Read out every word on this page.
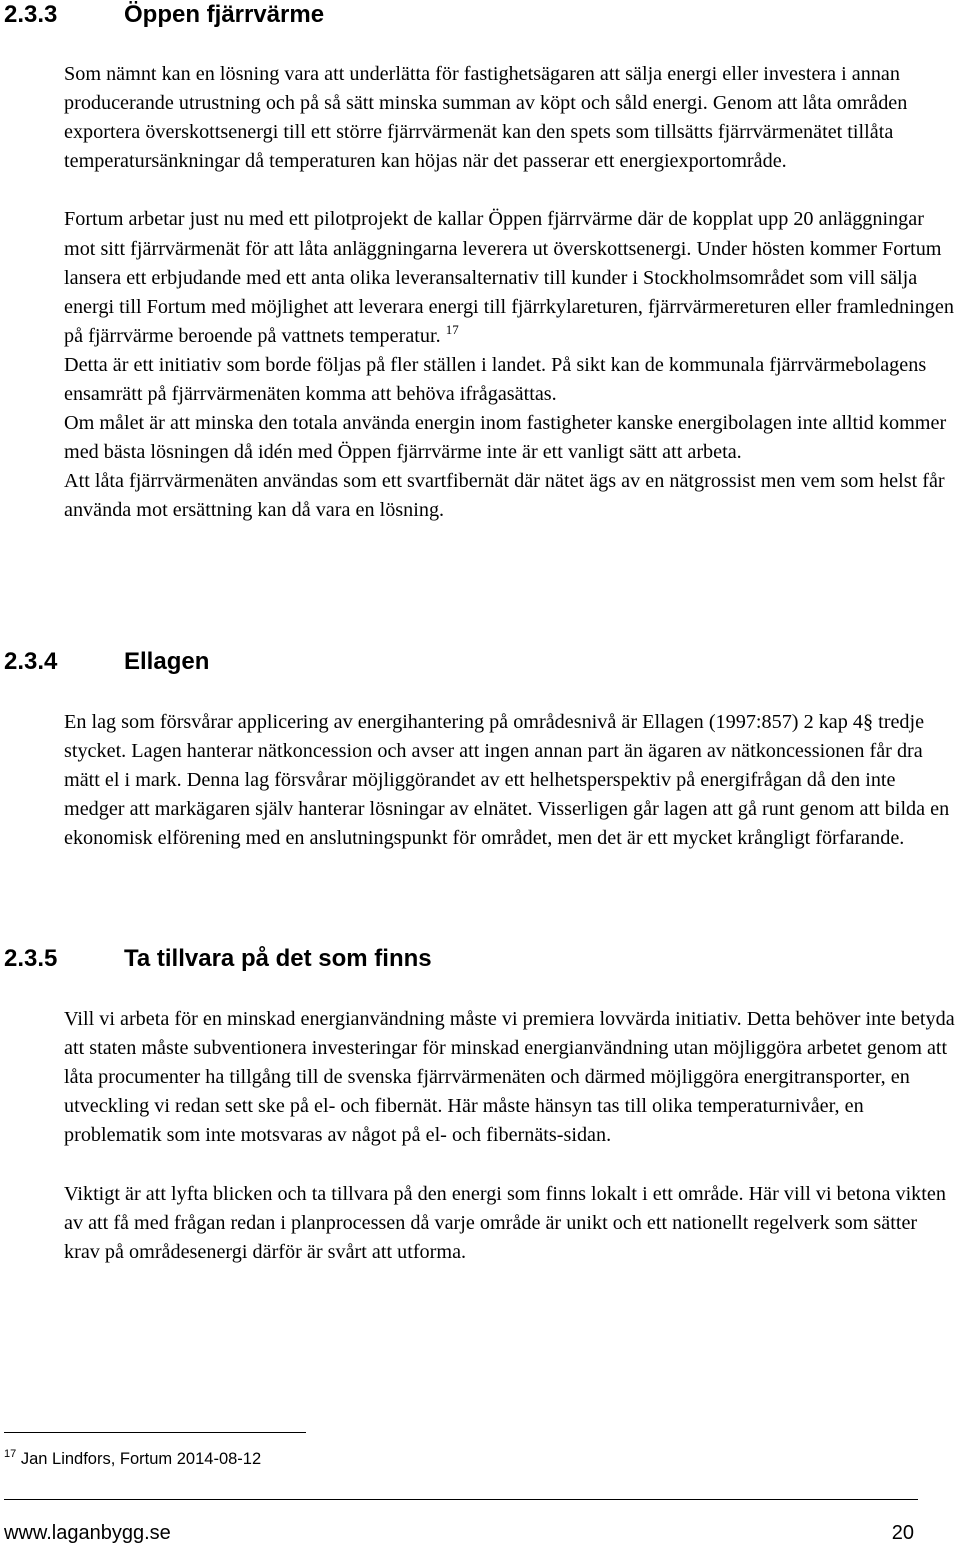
2.3.3	Öppen fjärrvärme

Som nämnt kan en lösning vara att underlätta för fastighetsägaren att sälja energi eller investera i annan producerande utrustning och på så sätt minska summan av köpt och såld energi. Genom att låta områden exportera överskottsenergi till ett större fjärrvärmenät kan den spets som tillsätts fjärrvärmenätet tillåta temperatursänkningar då temperaturen kan höjas när det passerar ett energiexportområde.

Fortum arbetar just nu med ett pilotprojekt de kallar Öppen fjärrvärme där de kopplat upp 20 anläggningar mot sitt fjärrvärmenät för att låta anläggningarna leverera ut överskottsenergi. Under hösten kommer Fortum lansera ett erbjudande med ett anta olika leveransalternativ till kunder i Stockholmsområdet som vill sälja energi till Fortum med möjlighet att leverara energi till fjärrkylareturen, fjärrvärmereturen eller framledningen på fjärrvärme beroende på vattnets temperatur. $^{17}$

Detta är ett initiativ som borde följas på fler ställen i landet. På sikt kan de kommunala fjärrvärmebolagens ensamrätt på fjärrvärmenäten komma att behöva ifrågasättas.

Om målet är att minska den totala använda energin inom fastigheter kanske energibolagen inte alltid kommer med bästa lösningen då idén med Öppen fjärrvärme inte är ett vanligt sätt att arbeta.

Att låta fjärrvärmenäten användas som ett svartfibernät där nätet ägs av en nätgrossist men vem som helst får använda mot ersättning kan då vara en lösning.

2.3.4	Ellagen

En lag som försvårar applicering av energihantering på områdesnivå är Ellagen (1997:857) 2 kap 4§ tredje stycket. Lagen hanterar nätkoncession och avser att ingen annan part än ägaren av nätkoncessionen får dra mätt el i mark. Denna lag försvårar möjliggörandet av ett helhetsperspektiv på energifrågan då den inte medger att markägaren själv hanterar lösningar av elnätet. Visserligen går lagen att gå runt genom att bilda en ekonomisk elförening med en anslutningspunkt för området, men det är ett mycket krångligt förfarande.

2.3.5	Ta tillvara på det som finns

Vill vi arbeta för en minskad energianvändning måste vi premiera lovvärda initiativ. Detta behöver inte betyda att staten måste subventionera investeringar för minskad energianvändning utan möjliggöra arbetet genom att låta procumenter ha tillgång till de svenska fjärrvärmenäten och därmed möjliggöra energitransporter, en utveckling vi redan sett ske på el- och fibernät. Här måste hänsyn tas till olika temperaturnivåer, en problematik som inte motsvaras av något på el- och fibernäts-sidan.

Viktigt är att lyfta blicken och ta tillvara på den energi som finns lokalt i ett område. Här vill vi betona vikten av att få med frågan redan i planprocessen då varje område är unikt och ett nationellt regelverk som sätter krav på områdesenergi därför är svårt att utforma.

$^{17}$ Jan Lindfors, Fortum 2014-08-12
www.laganbygg.se	20
